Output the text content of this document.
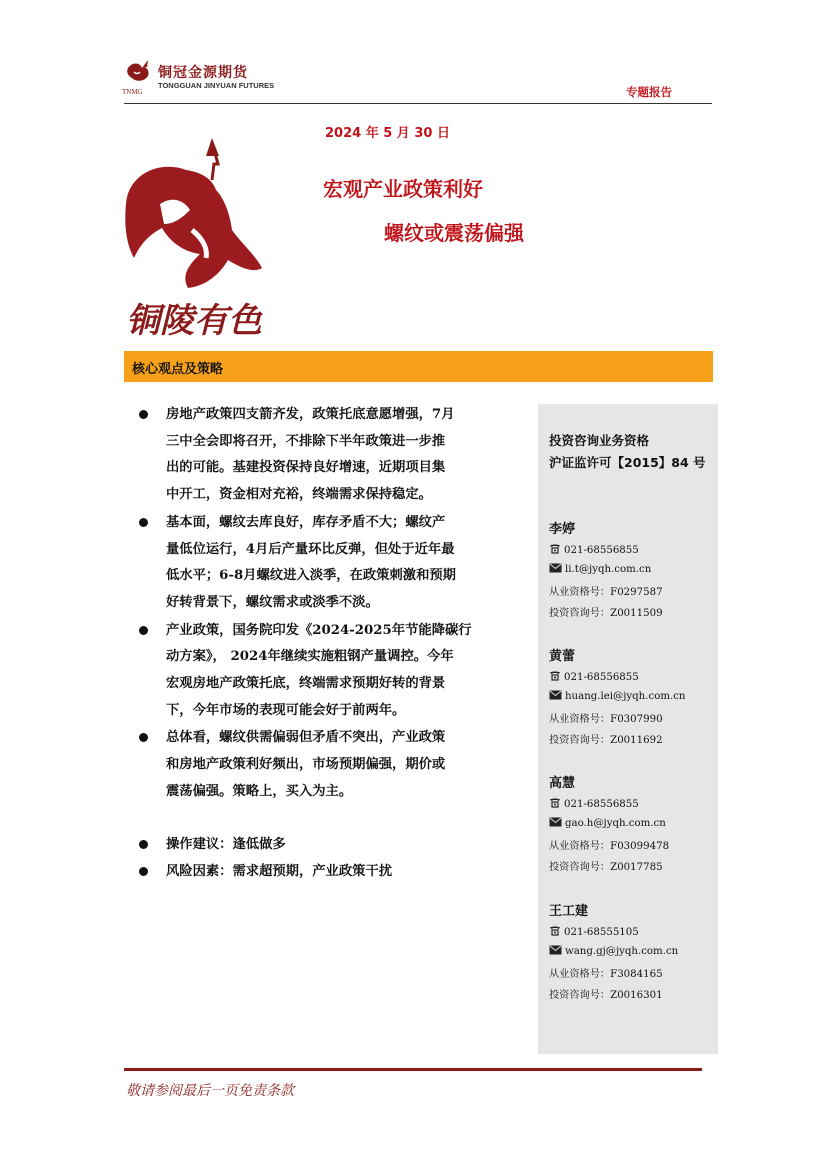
铜冠金源期货
TONGGUAN JINYUAN FUTURES
TNMG	专题报告
铜陵有色
2024 年 5 月 30 日
宏观产业政策利好
螺纹或震荡偏强
核心观点及策略
房地产政策四支箭齐发，政策托底意愿增强，7月
三中全会即将召开，不排除下半年政策进一步推
出的可能。基建投资保持良好增速，近期项目集
中开工，资金相对充裕，终端需求保持稳定。
基本面，螺纹去库良好，库存矛盾不大；螺纹产
量低位运行，4月后产量环比反弹，但处于近年最
低水平；6-8月螺纹进入淡季，在政策刺激和预期
好转背景下，螺纹需求或淡季不淡。
产业政策，国务院印发《2024-2025年节能降碳行
动方案》， 2024年继续实施粗钢产量调控。今年
宏观房地产政策托底，终端需求预期好转的背景
下，今年市场的表现可能会好于前两年。
总体看，螺纹供需偏弱但矛盾不突出，产业政策
和房地产政策利好频出，市场预期偏强，期价或
震荡偏强。策略上，买入为主。
操作建议：逢低做多
风险因素：需求超预期，产业政策干扰
投资咨询业务资格
沪证监许可【2015】84 号
李婷
021-68556855
li.t@jyqh.com.cn
从业资格号：F0297587
投资咨询号：Z0011509
黄蕾
021-68556855
huang.lei@jyqh.com.cn
从业资格号：F0307990
投资咨询号：Z0011692
高慧
021-68556855
gao.h@jyqh.com.cn
从业资格号：F03099478
投资咨询号：Z0017785
王工建
021-68555105
wang.gj@jyqh.com.cn
从业资格号：F3084165
投资咨询号：Z0016301
敬请参阅最后一页免责条款
